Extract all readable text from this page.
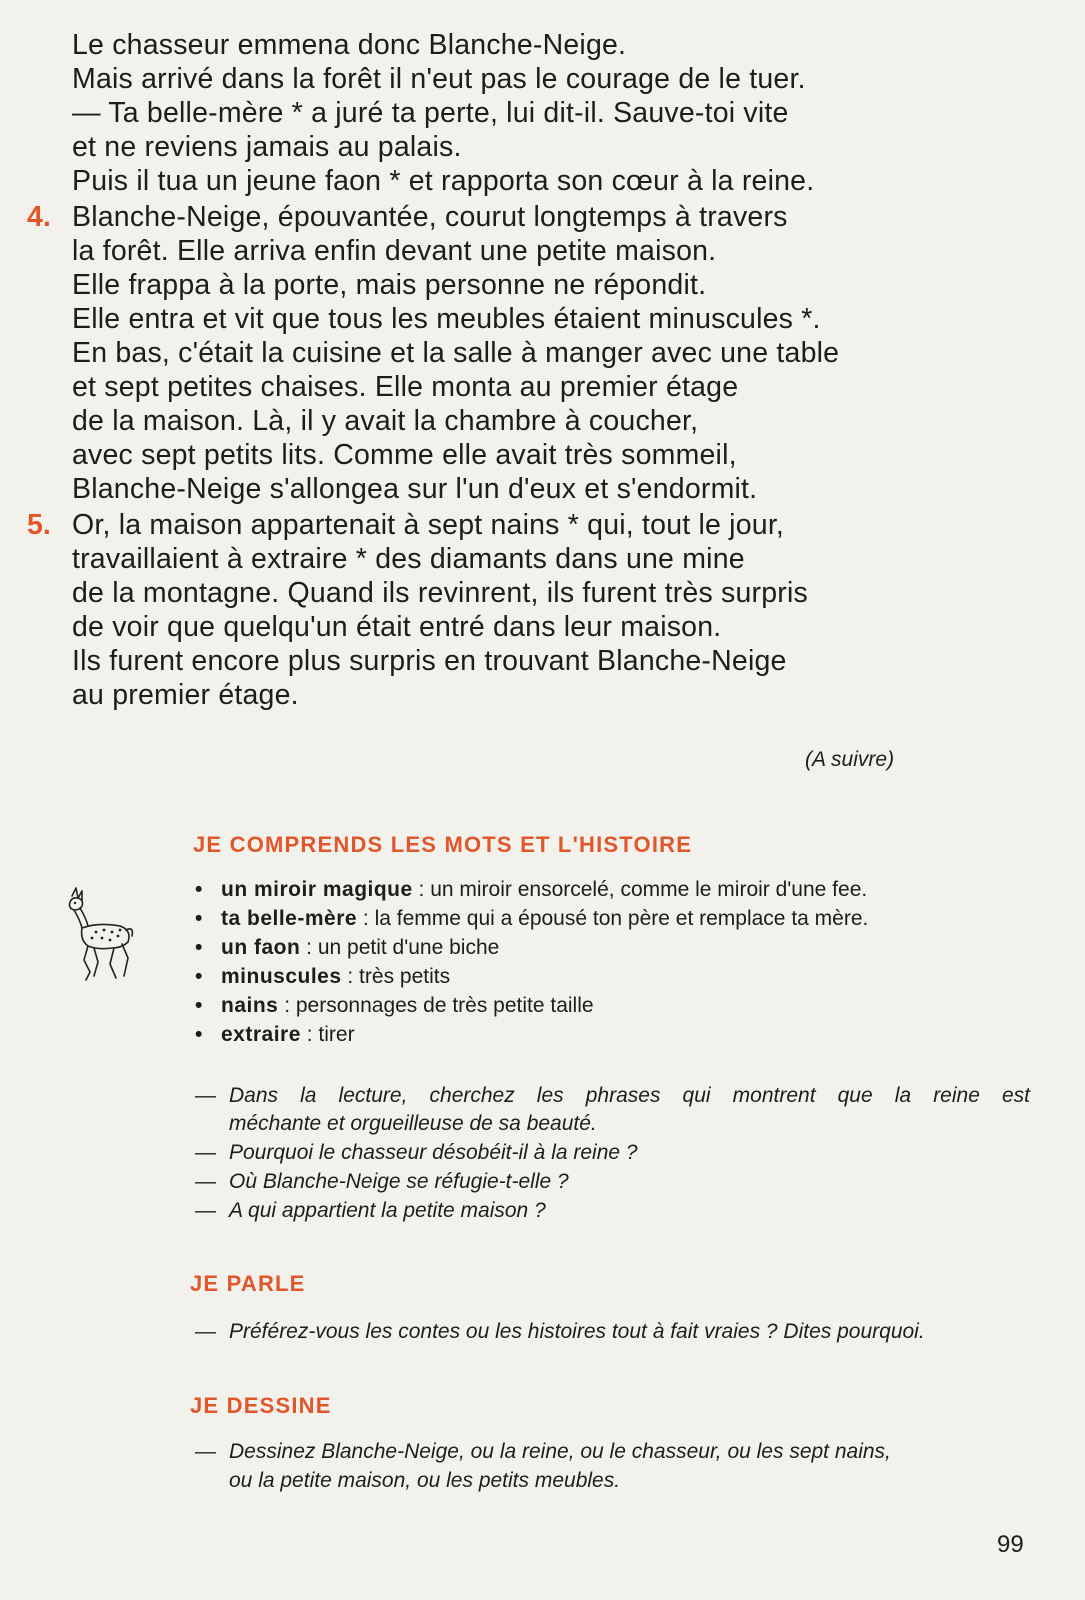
Le chasseur emmena donc Blanche-Neige.
Mais arrivé dans la forêt il n'eut pas le courage de le tuer.
— Ta belle-mère * a juré ta perte, lui dit-il. Sauve-toi vite
et ne reviens jamais au palais.
Puis il tua un jeune faon * et rapporta son cœur à la reine.
4. Blanche-Neige, épouvantée, courut longtemps à travers
la forêt. Elle arriva enfin devant une petite maison.
Elle frappa à la porte, mais personne ne répondit.
Elle entra et vit que tous les meubles étaient minuscules *.
En bas, c'était la cuisine et la salle à manger avec une table
et sept petites chaises. Elle monta au premier étage
de la maison. Là, il y avait la chambre à coucher,
avec sept petits lits. Comme elle avait très sommeil,
Blanche-Neige s'allongea sur l'un d'eux et s'endormit.
5. Or, la maison appartenait à sept nains * qui, tout le jour,
travaillaient à extraire * des diamants dans une mine
de la montagne. Quand ils revinrent, ils furent très surpris
de voir que quelqu'un était entré dans leur maison.
Ils furent encore plus surpris en trouvant Blanche-Neige
au premier étage.
(A suivre)
JE COMPRENDS LES MOTS ET L'HISTOIRE
• un miroir magique : un miroir ensorcelé, comme le miroir d'une fee.
• ta belle-mère : la femme qui a épousé ton père et remplace ta mère.
• un faon : un petit d'une biche
• minuscules : très petits
• nains : personnages de très petite taille
• extraire : tirer
— Dans la lecture, cherchez les phrases qui montrent que la reine est
méchante et orgueilleuse de sa beauté.
— Pourquoi le chasseur désobéit-il à la reine ?
— Où Blanche-Neige se réfugie-t-elle ?
— A qui appartient la petite maison ?
JE PARLE
— Préférez-vous les contes ou les histoires tout à fait vraies ? Dites pourquoi.
JE DESSINE
— Dessinez Blanche-Neige, ou la reine, ou le chasseur, ou les sept nains,
ou la petite maison, ou les petits meubles.
99
